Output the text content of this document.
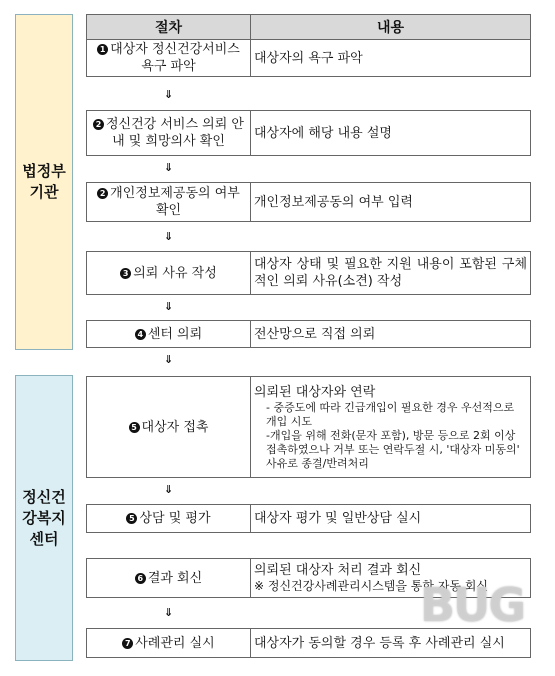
법정부
기관
정신건
강복지
센터
절차	내용
1 대상자 정신건강서비스 욕구 파악
대상자의 욕구 파악
⇓
2 정신건강 서비스 의뢰 안내 및 희망의사 확인
대상자에 해당 내용 설명
⇓
2 개인정보제공동의 여부 확인
개인정보제공동의 여부 입력
⇓
3 의뢰 사유 작성
대상자 상태 및 필요한 지원 내용이 포함된 구체적인 의뢰 사유(소견) 작성
⇓
4 센터 의뢰	전산망으로 직접 의뢰
⇓
5 대상자 접촉
의뢰된 대상자와 연락
- 중증도에 따라 긴급개입이 필요한 경우 우선적으로 개입 시도
-개입을 위해 전화(문자 포함), 방문 등으로 2회 이상 접촉하였으나 거부 또는 연락두절 시, '대상자 미동의' 사유로 종결/반려처리
⇓
5 상담 및 평가	대상자 평가 및 일반상담 실시
6 결과 회신	의뢰된 대상자 처리 결과 회신
※ 정신건강사례관리시스템을 통한 자동 회신
⇓
7 사례관리 실시	대상자가 동의할 경우 등록 후 사례관리 실시
BUG
